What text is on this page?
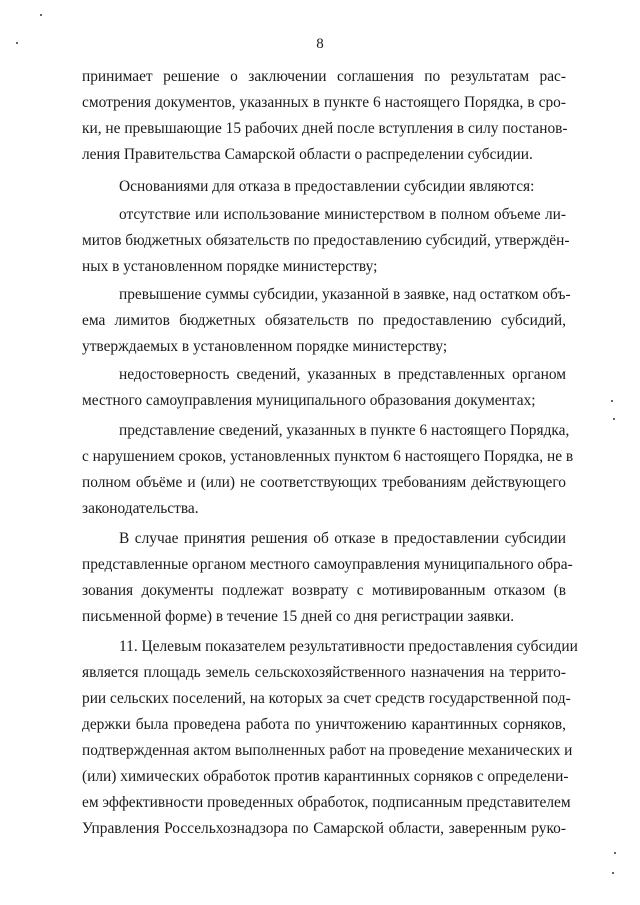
8
принимает решение о заключении соглашения по результатам рас-
смотрения документов, указанных в пункте 6 настоящего Порядка, в сро-
ки, не превышающие 15 рабочих дней после вступления в силу постанов-
ления Правительства Самарской области о распределении субсидии.
Основаниями для отказа в предоставлении субсидии являются:
отсутствие или использование министерством в полном объеме ли-
митов бюджетных обязательств по предоставлению субсидий, утверждён-
ных в установленном порядке министерству;
превышение суммы субсидии, указанной в заявке, над остатком объ-
ема лимитов бюджетных обязательств по предоставлению субсидий,
утверждаемых в установленном порядке министерству;
недостоверность сведений, указанных в представленных органом
местного самоуправления муниципального образования документах;
представление сведений, указанных в пункте 6 настоящего Порядка,
с нарушением сроков, установленных пунктом 6 настоящего Порядка, не в
полном объёме и (или) не соответствующих требованиям действующего
законодательства.
В случае принятия решения об отказе в предоставлении субсидии
представленные органом местного самоуправления муниципального обра-
зования документы подлежат возврату с мотивированным отказом (в
письменной форме) в течение 15 дней со дня регистрации заявки.
11. Целевым показателем результативности предоставления субсидии
является площадь земель сельскохозяйственного назначения на террито-
рии сельских поселений, на которых за счет средств государственной под-
держки была проведена работа по уничтожению карантинных сорняков,
подтвержденная актом выполненных работ на проведение механических и
(или) химических обработок против карантинных сорняков с определени-
ем эффективности проведенных обработок, подписанным представителем
Управления Россельхознадзора по Самарской области, заверенным руко-
